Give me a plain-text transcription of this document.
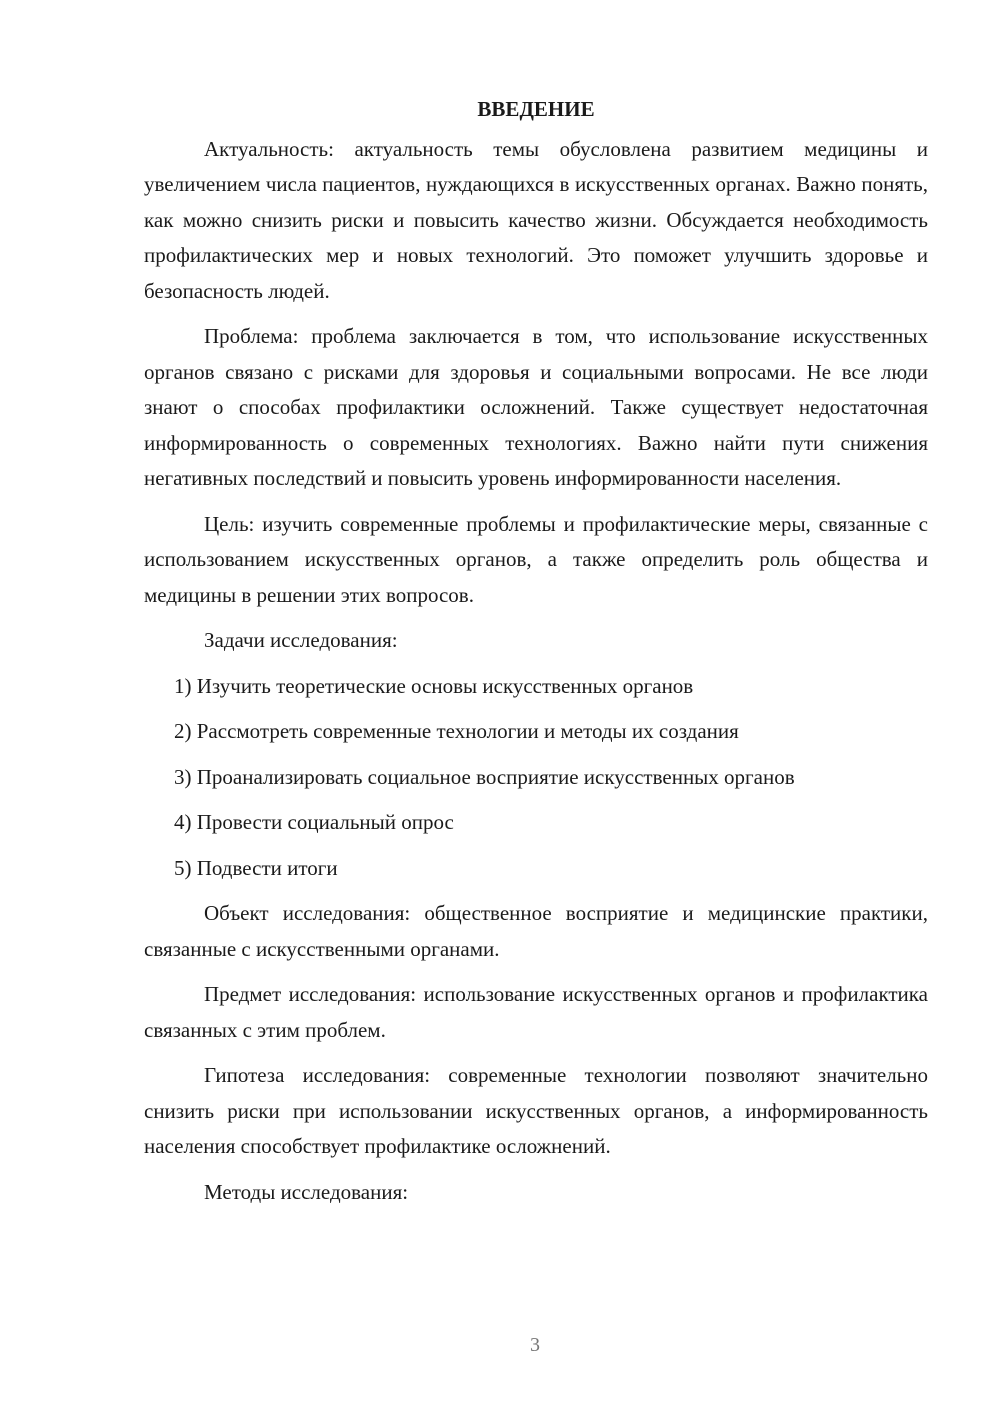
ВВЕДЕНИЕ

Актуальность: актуальность темы обусловлена развитием медицины и увеличением числа пациентов, нуждающихся в искусственных органах. Важно понять, как можно снизить риски и повысить качество жизни. Обсуждается необходимость профилактических мер и новых технологий. Это поможет улучшить здоровье и безопасность людей.

Проблема: проблема заключается в том, что использование искусственных органов связано с рисками для здоровья и социальными вопросами. Не все люди знают о способах профилактики осложнений. Также существует недостаточная информированность о современных технологиях. Важно найти пути снижения негативных последствий и повысить уровень информированности населения.

Цель: изучить современные проблемы и профилактические меры, связанные с использованием искусственных органов, а также определить роль общества и медицины в решении этих вопросов.

Задачи исследования:

1) Изучить теоретические основы искусственных органов
2) Рассмотреть современные технологии и методы их создания
3) Проанализировать социальное восприятие искусственных органов
4) Провести социальный опрос
5) Подвести итоги

Объект исследования: общественное восприятие и медицинские практики, связанные с искусственными органами.

Предмет исследования: использование искусственных органов и профилактика связанных с этим проблем.

Гипотеза исследования: современные технологии позволяют значительно снизить риски при использовании искусственных органов, а информированность населения способствует профилактике осложнений.

Методы исследования:

3
